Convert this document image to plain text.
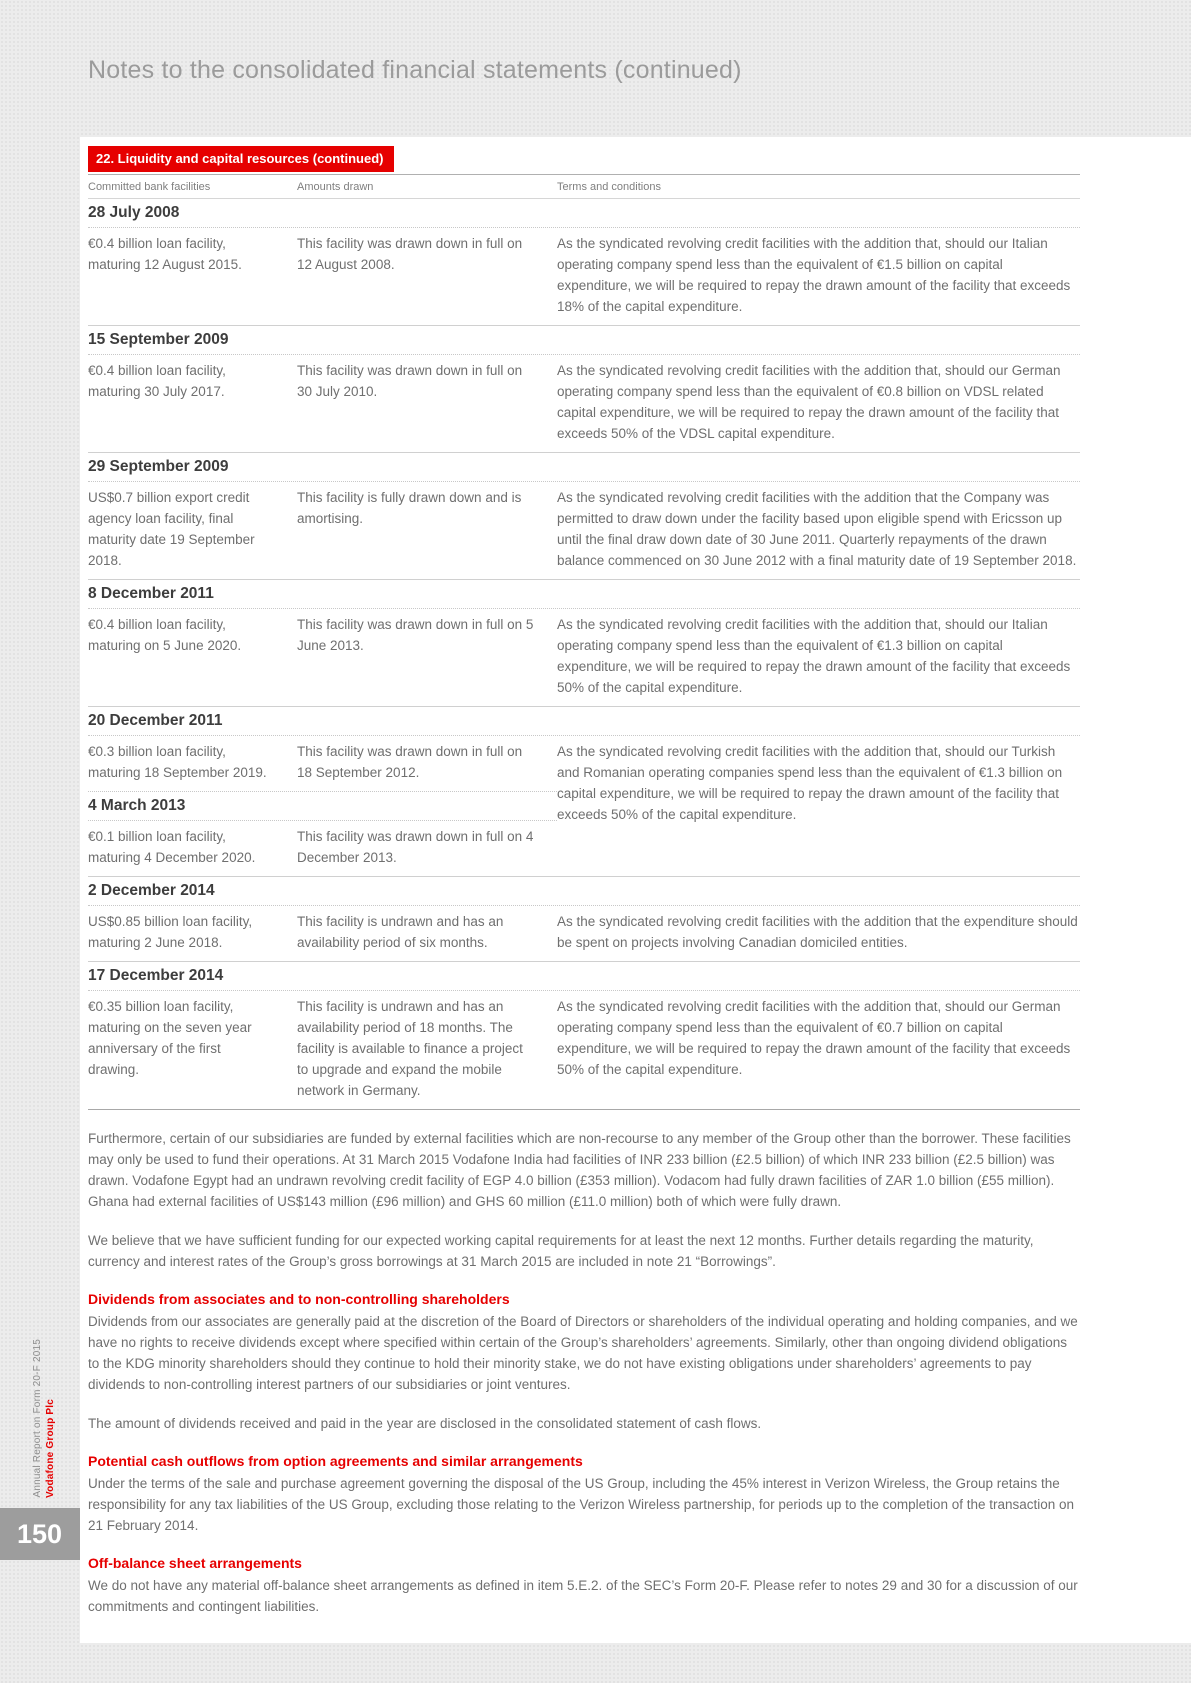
Notes to the consolidated financial statements (continued)
22. Liquidity and capital resources (continued)
Committed bank facilities	Amounts drawn	Terms and conditions
28 July 2008
€0.4 billion loan facility, maturing 12 August 2015.
This facility was drawn down in full on 12 August 2008.
As the syndicated revolving credit facilities with the addition that, should our Italian operating company spend less than the equivalent of €1.5 billion on capital expenditure, we will be required to repay the drawn amount of the facility that exceeds 18% of the capital expenditure.
15 September 2009
€0.4 billion loan facility, maturing 30 July 2017.
This facility was drawn down in full on 30 July 2010.
As the syndicated revolving credit facilities with the addition that, should our German operating company spend less than the equivalent of €0.8 billion on VDSL related capital expenditure, we will be required to repay the drawn amount of the facility that exceeds 50% of the VDSL capital expenditure.
29 September 2009
US$0.7 billion export credit agency loan facility, final maturity date 19 September 2018.
This facility is fully drawn down and is amortising.
As the syndicated revolving credit facilities with the addition that the Company was permitted to draw down under the facility based upon eligible spend with Ericsson up until the final draw down date of 30 June 2011. Quarterly repayments of the drawn balance commenced on 30 June 2012 with a final maturity date of 19 September 2018.
8 December 2011
€0.4 billion loan facility, maturing on 5 June 2020.
This facility was drawn down in full on 5 June 2013.
As the syndicated revolving credit facilities with the addition that, should our Italian operating company spend less than the equivalent of €1.3 billion on capital expenditure, we will be required to repay the drawn amount of the facility that exceeds 50% of the capital expenditure.
20 December 2011
€0.3 billion loan facility, maturing 18 September 2019.
This facility was drawn down in full on 18 September 2012.
4 March 2013
€0.1 billion loan facility, maturing 4 December 2020.
This facility was drawn down in full on 4 December 2013.
As the syndicated revolving credit facilities with the addition that, should our Turkish and Romanian operating companies spend less than the equivalent of €1.3 billion on capital expenditure, we will be required to repay the drawn amount of the facility that exceeds 50% of the capital expenditure.
2 December 2014
US$0.85 billion loan facility, maturing 2 June 2018.
This facility is undrawn and has an availability period of six months.
As the syndicated revolving credit facilities with the addition that the expenditure should be spent on projects involving Canadian domiciled entities.
17 December 2014
€0.35 billion loan facility, maturing on the seven year anniversary of the first drawing.
This facility is undrawn and has an availability period of 18 months. The facility is available to finance a project to upgrade and expand the mobile network in Germany.
As the syndicated revolving credit facilities with the addition that, should our German operating company spend less than the equivalent of €0.7 billion on capital expenditure, we will be required to repay the drawn amount of the facility that exceeds 50% of the capital expenditure.

Furthermore, certain of our subsidiaries are funded by external facilities which are non-recourse to any member of the Group other than the borrower. These facilities may only be used to fund their operations. At 31 March 2015 Vodafone India had facilities of INR 233 billion (£2.5 billion) of which INR 233 billion (£2.5 billion) was drawn. Vodafone Egypt had an undrawn revolving credit facility of EGP 4.0 billion (£353 million). Vodacom had fully drawn facilities of ZAR 1.0 billion (£55 million). Ghana had external facilities of US$143 million (£96 million) and GHS 60 million (£11.0 million) both of which were fully drawn.

We believe that we have sufficient funding for our expected working capital requirements for at least the next 12 months. Further details regarding the maturity, currency and interest rates of the Group’s gross borrowings at 31 March 2015 are included in note 21 “Borrowings”.

Dividends from associates and to non-controlling shareholders

Dividends from our associates are generally paid at the discretion of the Board of Directors or shareholders of the individual operating and holding companies, and we have no rights to receive dividends except where specified within certain of the Group’s shareholders’ agreements. Similarly, other than ongoing dividend obligations to the KDG minority shareholders should they continue to hold their minority stake, we do not have existing obligations under shareholders’ agreements to pay dividends to non-controlling interest partners of our subsidiaries or joint ventures.

The amount of dividends received and paid in the year are disclosed in the consolidated statement of cash flows.

Potential cash outflows from option agreements and similar arrangements

Under the terms of the sale and purchase agreement governing the disposal of the US Group, including the 45% interest in Verizon Wireless, the Group retains the responsibility for any tax liabilities of the US Group, excluding those relating to the Verizon Wireless partnership, for periods up to the completion of the transaction on 21 February 2014.

Off-balance sheet arrangements

We do not have any material off-balance sheet arrangements as defined in item 5.E.2. of the SEC’s Form 20-F. Please refer to notes 29 and 30 for a discussion of our commitments and contingent liabilities.

Annual Report on Form 20-F 2015 Vodafone Group Plc
150
